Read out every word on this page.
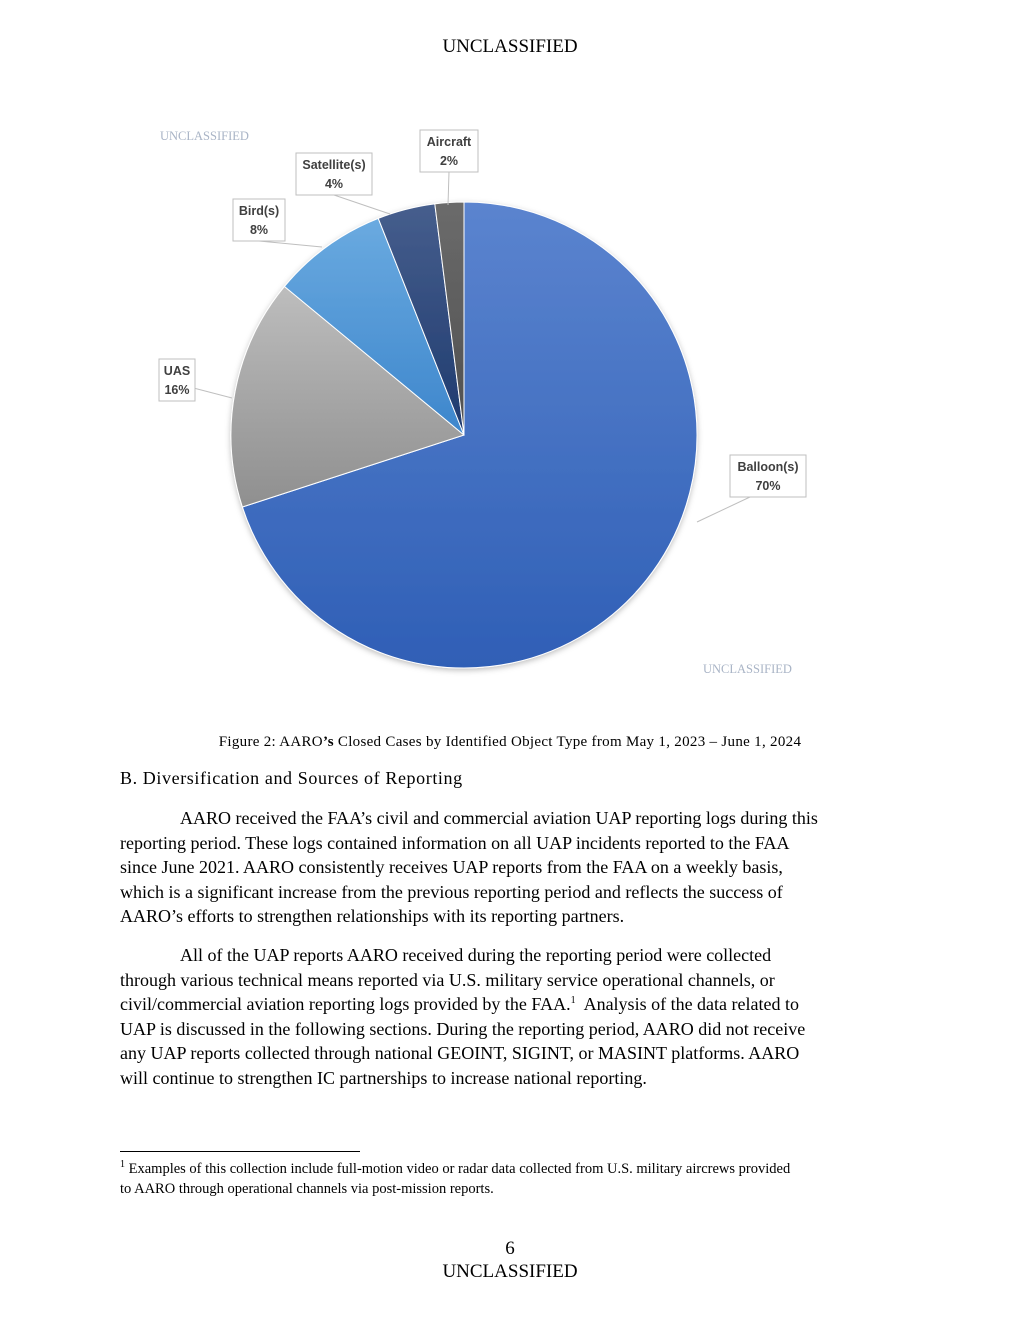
UNCLASSIFIED
UNCLASSIFIED
UNCLASSIFIED
Balloon(s)
70%
UAS
16%
Bird(s)
8%
Satellite(s)
4%
Aircraft
2%
Figure 2: AARO’s Closed Cases by Identified Object Type from May 1, 2023 – June 1, 2024
B. Diversification and Sources of Reporting
AARO received the FAA’s civil and commercial aviation UAP reporting logs during this
reporting period. These logs contained information on all UAP incidents reported to the FAA
since June 2021. AARO consistently receives UAP reports from the FAA on a weekly basis,
which is a significant increase from the previous reporting period and reflects the success of
AARO’s efforts to strengthen relationships with its reporting partners.
All of the UAP reports AARO received during the reporting period were collected
through various technical means reported via U.S. military service operational channels, or
civil/commercial aviation reporting logs provided by the FAA.$^1$  Analysis of the data related to
UAP is discussed in the following sections. During the reporting period, AARO did not receive
any UAP reports collected through national GEOINT, SIGINT, or MASINT platforms. AARO
will continue to strengthen IC partnerships to increase national reporting.
$^1$ Examples of this collection include full-motion video or radar data collected from U.S. military aircrews provided
to AARO through operational channels via post-mission reports.
6
UNCLASSIFIED
